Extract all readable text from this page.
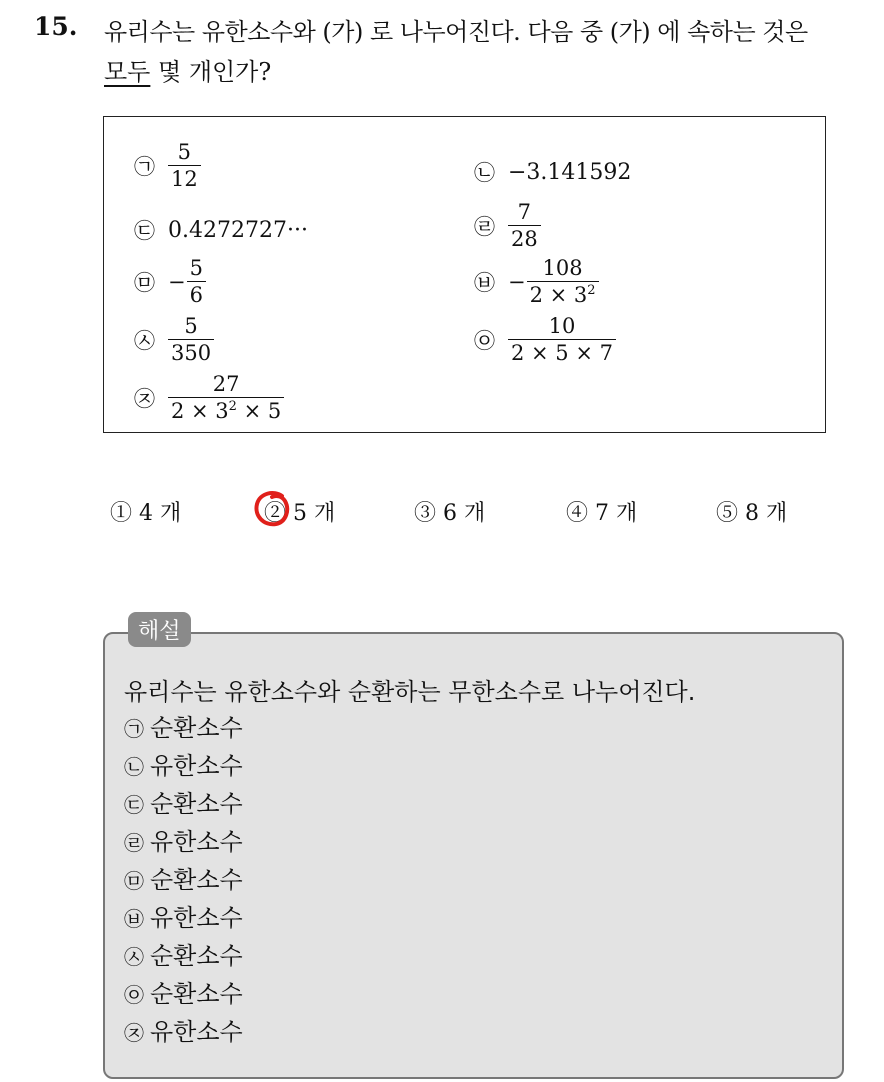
15. 유리수는 유한소수와 (가) 로 나누어진다. 다음 중 (가) 에 속하는 것은
모두 몇 개인가?
㉠ $\frac{5}{12}$	㉡ −3.141592
㉢ 0.4272727···	㉣ $\frac{7}{28}$
㉤ − $\frac{5}{6}$	㉥ − $\frac{108}{2 \times 3^2}$
㉦ $\frac{5}{350}$	㉧ $\frac{10}{2 \times 5 \times 7}$
㉨ $\frac{27}{2 \times 3^2 \times 5}$
① 4 개	② 5 개	③ 6 개	④ 7 개	⑤ 8 개
해설
유리수는 유한소수와 순환하는 무한소수로 나누어진다.
㉠ 순환소수
㉡ 유한소수
㉢ 순환소수
㉣ 유한소수
㉤ 순환소수
㉥ 유한소수
㉦ 순환소수
㉧ 순환소수
㉨ 유한소수
